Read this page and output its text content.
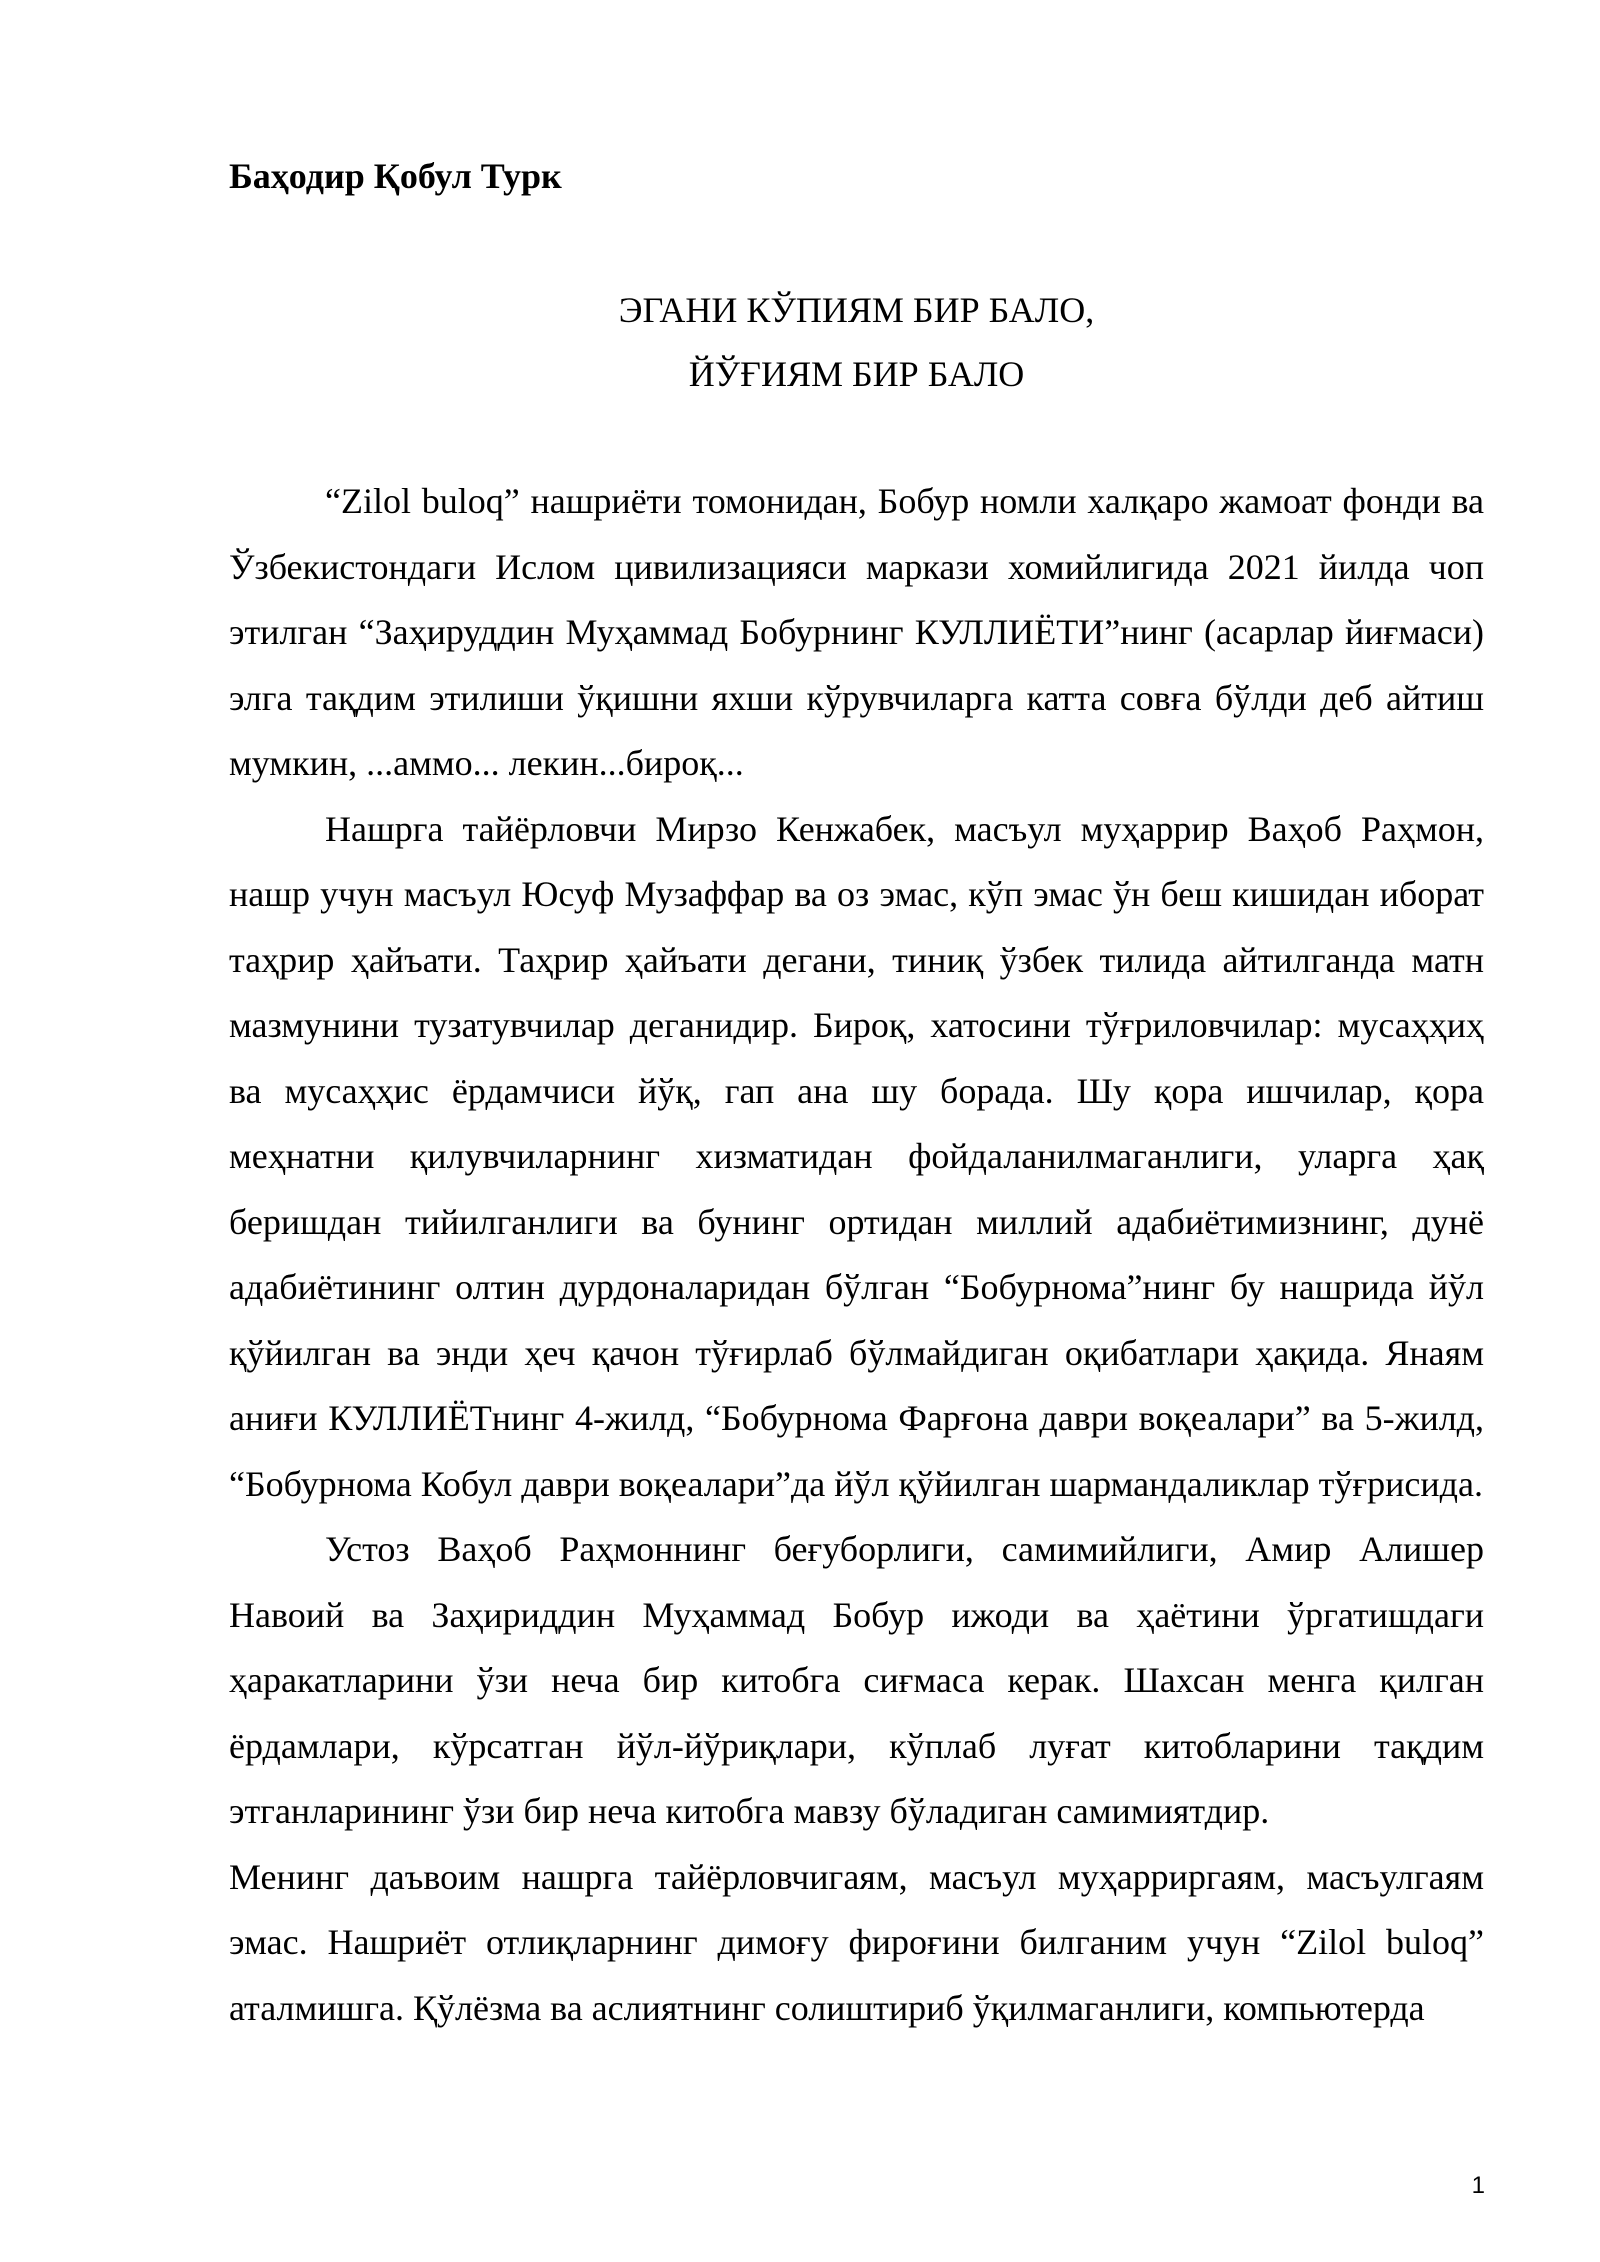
Баҳодир Қобул Турк

ЭГАНИ КЎПИЯМ БИР БАЛО,
ЙЎҒИЯМ БИР БАЛО

“Zilol buloq” нашриёти томонидан, Бобур номли халқаро жамоат фонди ва Ўзбекистондаги Ислом цивилизацияси маркази хомийлигида 2021 йилда чоп этилган “Заҳируддин Муҳаммад Бобурнинг КУЛЛИЁТИ”нинг (асарлар йиғмаси) элга тақдим этилиши ўқишни яхши кўрувчиларга катта совға бўлди деб айтиш мумкин, ...аммо... лекин...бироқ...

Нашрга тайёрловчи Мирзо Кенжабек, масъул муҳаррир Ваҳоб Раҳмон, нашр учун масъул Юсуф Музаффар ва оз эмас, кўп эмас ўн беш кишидан иборат таҳрир ҳайъати. Таҳрир ҳайъати дегани, тиниқ ўзбек тилида айтилганда матн мазмунини тузатувчилар деганидир. Бироқ, хатосини тўғриловчилар: мусаҳҳиҳ ва мусаҳҳис ёрдамчиси йўқ, гап ана шу борада. Шу қора ишчилар, қора меҳнатни қилувчиларнинг хизматидан фойдаланилмаганлиги, уларга ҳақ беришдан тийилганлиги ва бунинг ортидан миллий адабиётимизнинг, дунё адабиётининг олтин дурдоналаридан бўлган “Бобурнома”нинг бу нашрида йўл қўйилган ва энди ҳеч қачон тўғирлаб бўлмайдиган оқибатлари ҳақида. Янаям аниғи КУЛЛИЁТнинг 4-жилд, “Бобурнома Фарғона даври воқеалари” ва 5-жилд, “Бобурнома Кобул даври воқеалари”да йўл қўйилган шармандаликлар тўғрисида.

Устоз Ваҳоб Раҳмоннинг беғуборлиги, самимийлиги, Амир Алишер Навоий ва Заҳириддин Муҳаммад Бобур ижоди ва ҳаётини ўргатишдаги ҳаракатларини ўзи неча бир китобга сиғмаса керак. Шахсан менга қилган ёрдамлари, кўрсатган йўл-йўриқлари, кўплаб луғат китобларини тақдим этганларининг ўзи бир неча китобга мавзу бўладиган самимиятдир.

Менинг даъвоим нашрга тайёрловчигаям, масъул муҳарриргаям, масъулгаям эмас. Нашриёт отлиқларнинг димоғу фироғини билганим учун “Zilol buloq” аталмишга. Қўлёзма ва аслиятнинг солиштириб ўқилмаганлиги, компьютерда

1
